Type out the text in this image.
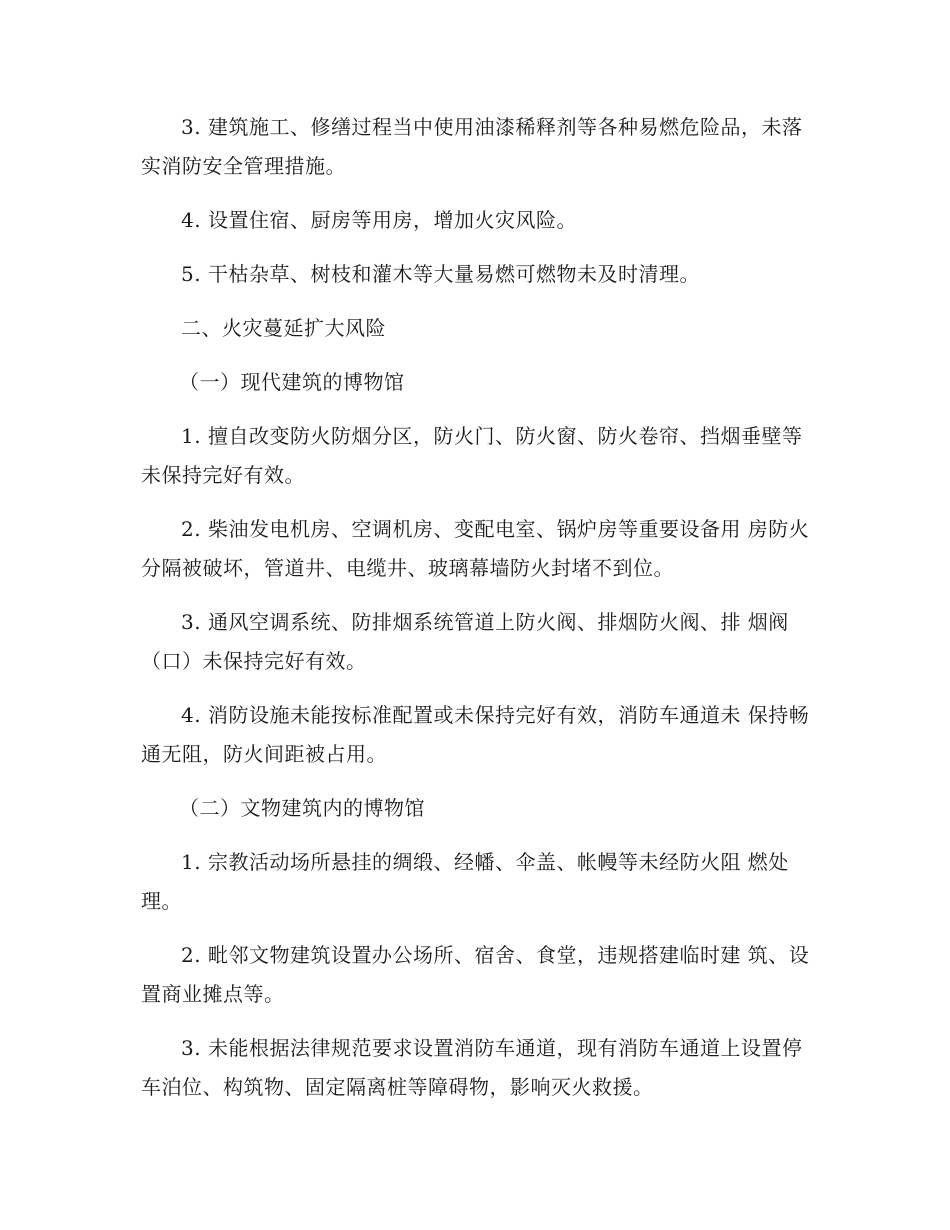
3. 建筑施工、修缮过程当中使用油漆稀释剂等各种易燃危险品，未落实消防安全管理措施。

4. 设置住宿、厨房等用房，增加火灾风险。

5. 干枯杂草、树枝和灌木等大量易燃可燃物未及时清理。

二、火灾蔓延扩大风险

（一）现代建筑的博物馆

1. 擅自改变防火防烟分区，防火门、防火窗、防火卷帘、挡烟垂壁等未保持完好有效。

2. 柴油发电机房、空调机房、变配电室、锅炉房等重要设备用 房防火分隔被破坏，管道井、电缆井、玻璃幕墙防火封堵不到位。

3. 通风空调系统、防排烟系统管道上防火阀、排烟防火阀、排 烟阀（口）未保持完好有效。

4. 消防设施未能按标准配置或未保持完好有效，消防车通道未 保持畅通无阻，防火间距被占用。

（二）文物建筑内的博物馆

1. 宗教活动场所悬挂的绸缎、经幡、伞盖、帐幔等未经防火阻 燃处理。

2. 毗邻文物建筑设置办公场所、宿舍、食堂，违规搭建临时建 筑、设置商业摊点等。

3. 未能根据法律规范要求设置消防车通道，现有消防车通道上设置停车泊位、构筑物、固定隔离桩等障碍物，影响灭火救援。
